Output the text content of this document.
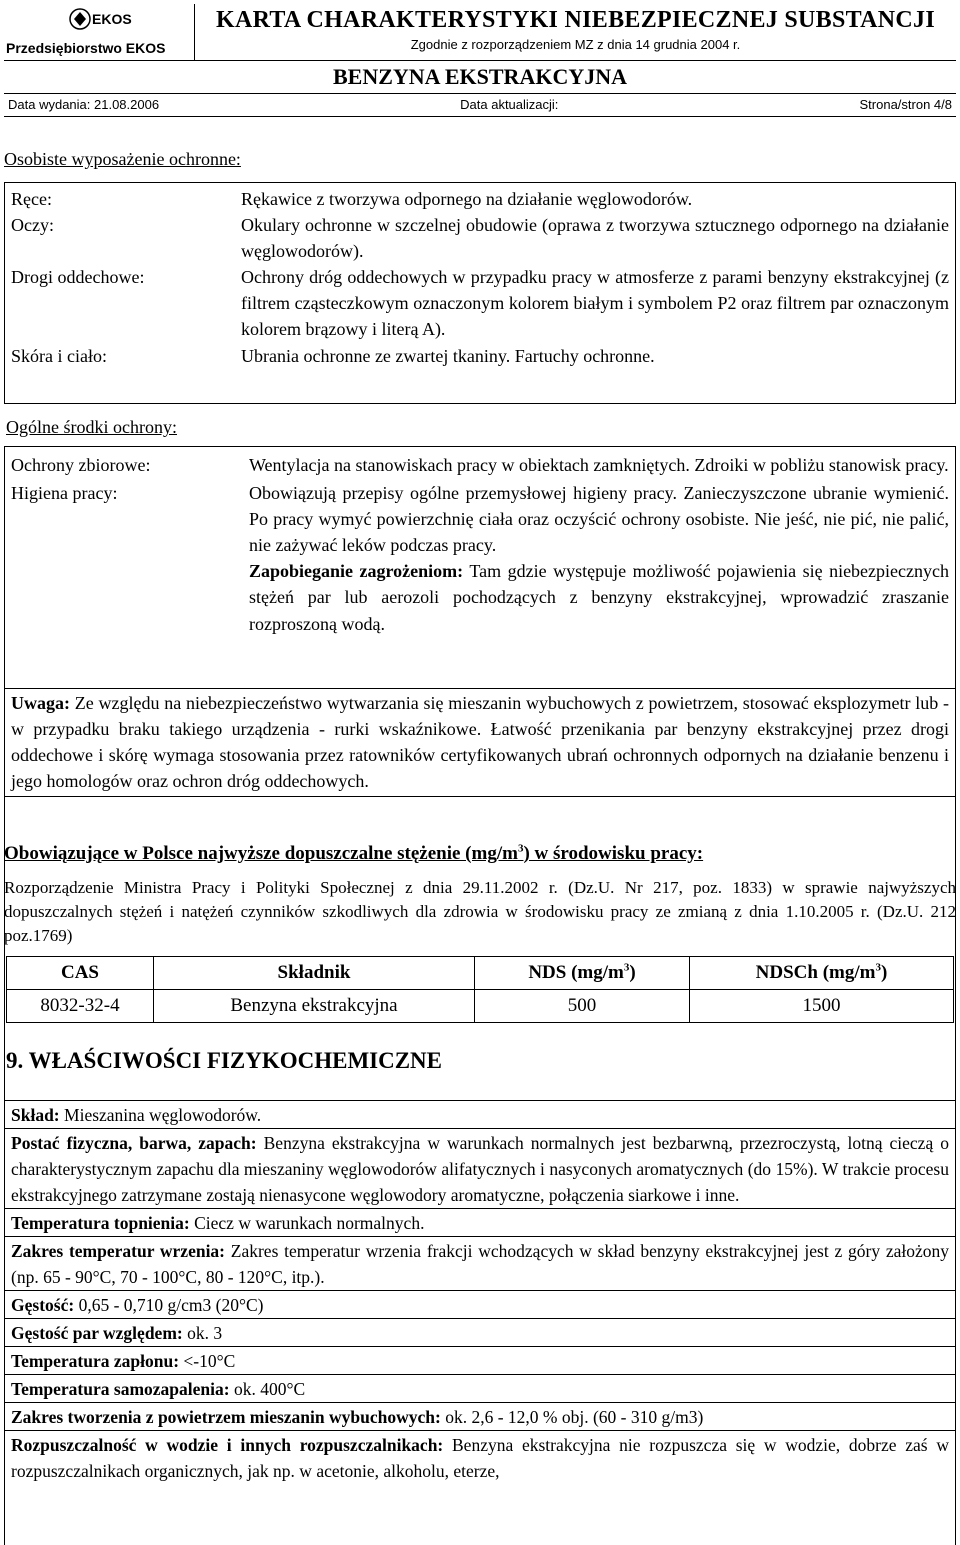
EKOS
Przedsiębiorstwo EKOS
KARTA CHARAKTERYSTYKI NIEBEZPIECZNEJ SUBSTANCJI
Zgodnie z rozporządzeniem MZ z dnia 14 grudnia 2004 r.
BENZYNA EKSTRAKCYJNA
Data wydania: 21.08.2006	Data aktualizacji:	Strona/stron 4/8
Osobiste wyposażenie ochronne:
Ręce:	Rękawice z tworzywa odpornego na działanie węglowodorów.
Oczy:	Okulary ochronne w szczelnej obudowie (oprawa z tworzywa sztucznego odpornego na działanie węglowodorów).
Drogi oddechowe:	Ochrony dróg oddechowych w przypadku pracy w atmosferze z parami benzyny ekstrakcyjnej (z filtrem cząsteczkowym oznaczonym kolorem białym i symbolem P2 oraz filtrem par oznaczonym kolorem brązowy i literą A).
Skóra i ciało:	Ubrania ochronne ze zwartej tkaniny. Fartuchy ochronne.
Ogólne środki ochrony:
Ochrony zbiorowe:	Wentylacja na stanowiskach pracy w obiektach zamkniętych. Zdroiki w pobliżu stanowisk pracy.
Higiena pracy:	Obowiązują przepisy ogólne przemysłowej higieny pracy. Zanieczyszczone ubranie wymienić. Po pracy wymyć powierzchnię ciała oraz oczyścić ochrony osobiste. Nie jeść, nie pić, nie palić, nie zażywać leków podczas pracy.
Zapobieganie zagrożeniom: Tam gdzie występuje możliwość pojawienia się niebezpiecznych stężeń par lub aerozoli pochodzących z benzyny ekstrakcyjnej, wprowadzić zraszanie rozproszoną wodą.
Uwaga: Ze względu na niebezpieczeństwo wytwarzania się mieszanin wybuchowych z powietrzem, stosować eksplozymetr lub - w przypadku braku takiego urządzenia - rurki wskaźnikowe. Łatwość przenikania par benzyny ekstrakcyjnej przez drogi oddechowe i skórę wymaga stosowania przez ratowników certyfikowanych ubrań ochronnych odpornych na działanie benzenu i jego homologów oraz ochron dróg oddechowych.
Obowiązujące w Polsce najwyższe dopuszczalne stężenie $(mg/m^3)$ w środowisku pracy:
Rozporządzenie Ministra Pracy i Polityki Społecznej z dnia 29.11.2002 r. (Dz.U. Nr 217, poz. 1833) w sprawie najwyższych dopuszczalnych stężeń i natężeń czynników szkodliwych dla zdrowia w środowisku pracy ze zmianą z dnia 1.10.2005 r. (Dz.U. 212 poz.1769)
CAS	Składnik	NDS $(mg/m^3)$	NDSCh $(mg/m^3)$
8032-32-4	Benzyna ekstrakcyjna	500	1500
9. WŁAŚCIWOŚCI FIZYKOCHEMICZNE
Skład: Mieszanina węglowodorów.
Postać fizyczna, barwa, zapach: Benzyna ekstrakcyjna w warunkach normalnych jest bezbarwną, przezroczystą, lotną cieczą o charakterystycznym zapachu dla mieszaniny węglowodorów alifatycznych i nasyconych aromatycznych (do 15%). W trakcie procesu ekstrakcyjnego zatrzymane zostają nienasycone węglowodory aromatyczne, połączenia siarkowe i inne.
Temperatura topnienia: Ciecz w warunkach normalnych.
Zakres temperatur wrzenia: Zakres temperatur wrzenia frakcji wchodzących w skład benzyny ekstrakcyjnej jest z góry założony (np. 65 - 90°C, 70 - 100°C, 80 - 120°C, itp.).
Gęstość: 0,65 - 0,710 g/cm3 (20°C)
Gęstość par względem: ok. 3
Temperatura zapłonu: <-10°C
Temperatura samozapalenia: ok. 400°C
Zakres tworzenia z powietrzem mieszanin wybuchowych: ok. 2,6 - 12,0 % obj. (60 - 310 g/m3)
Rozpuszczalność w wodzie i innych rozpuszczalnikach: Benzyna ekstrakcyjna nie rozpuszcza się w wodzie, dobrze zaś w rozpuszczalnikach organicznych, jak np. w acetonie, alkoholu, eterze,
